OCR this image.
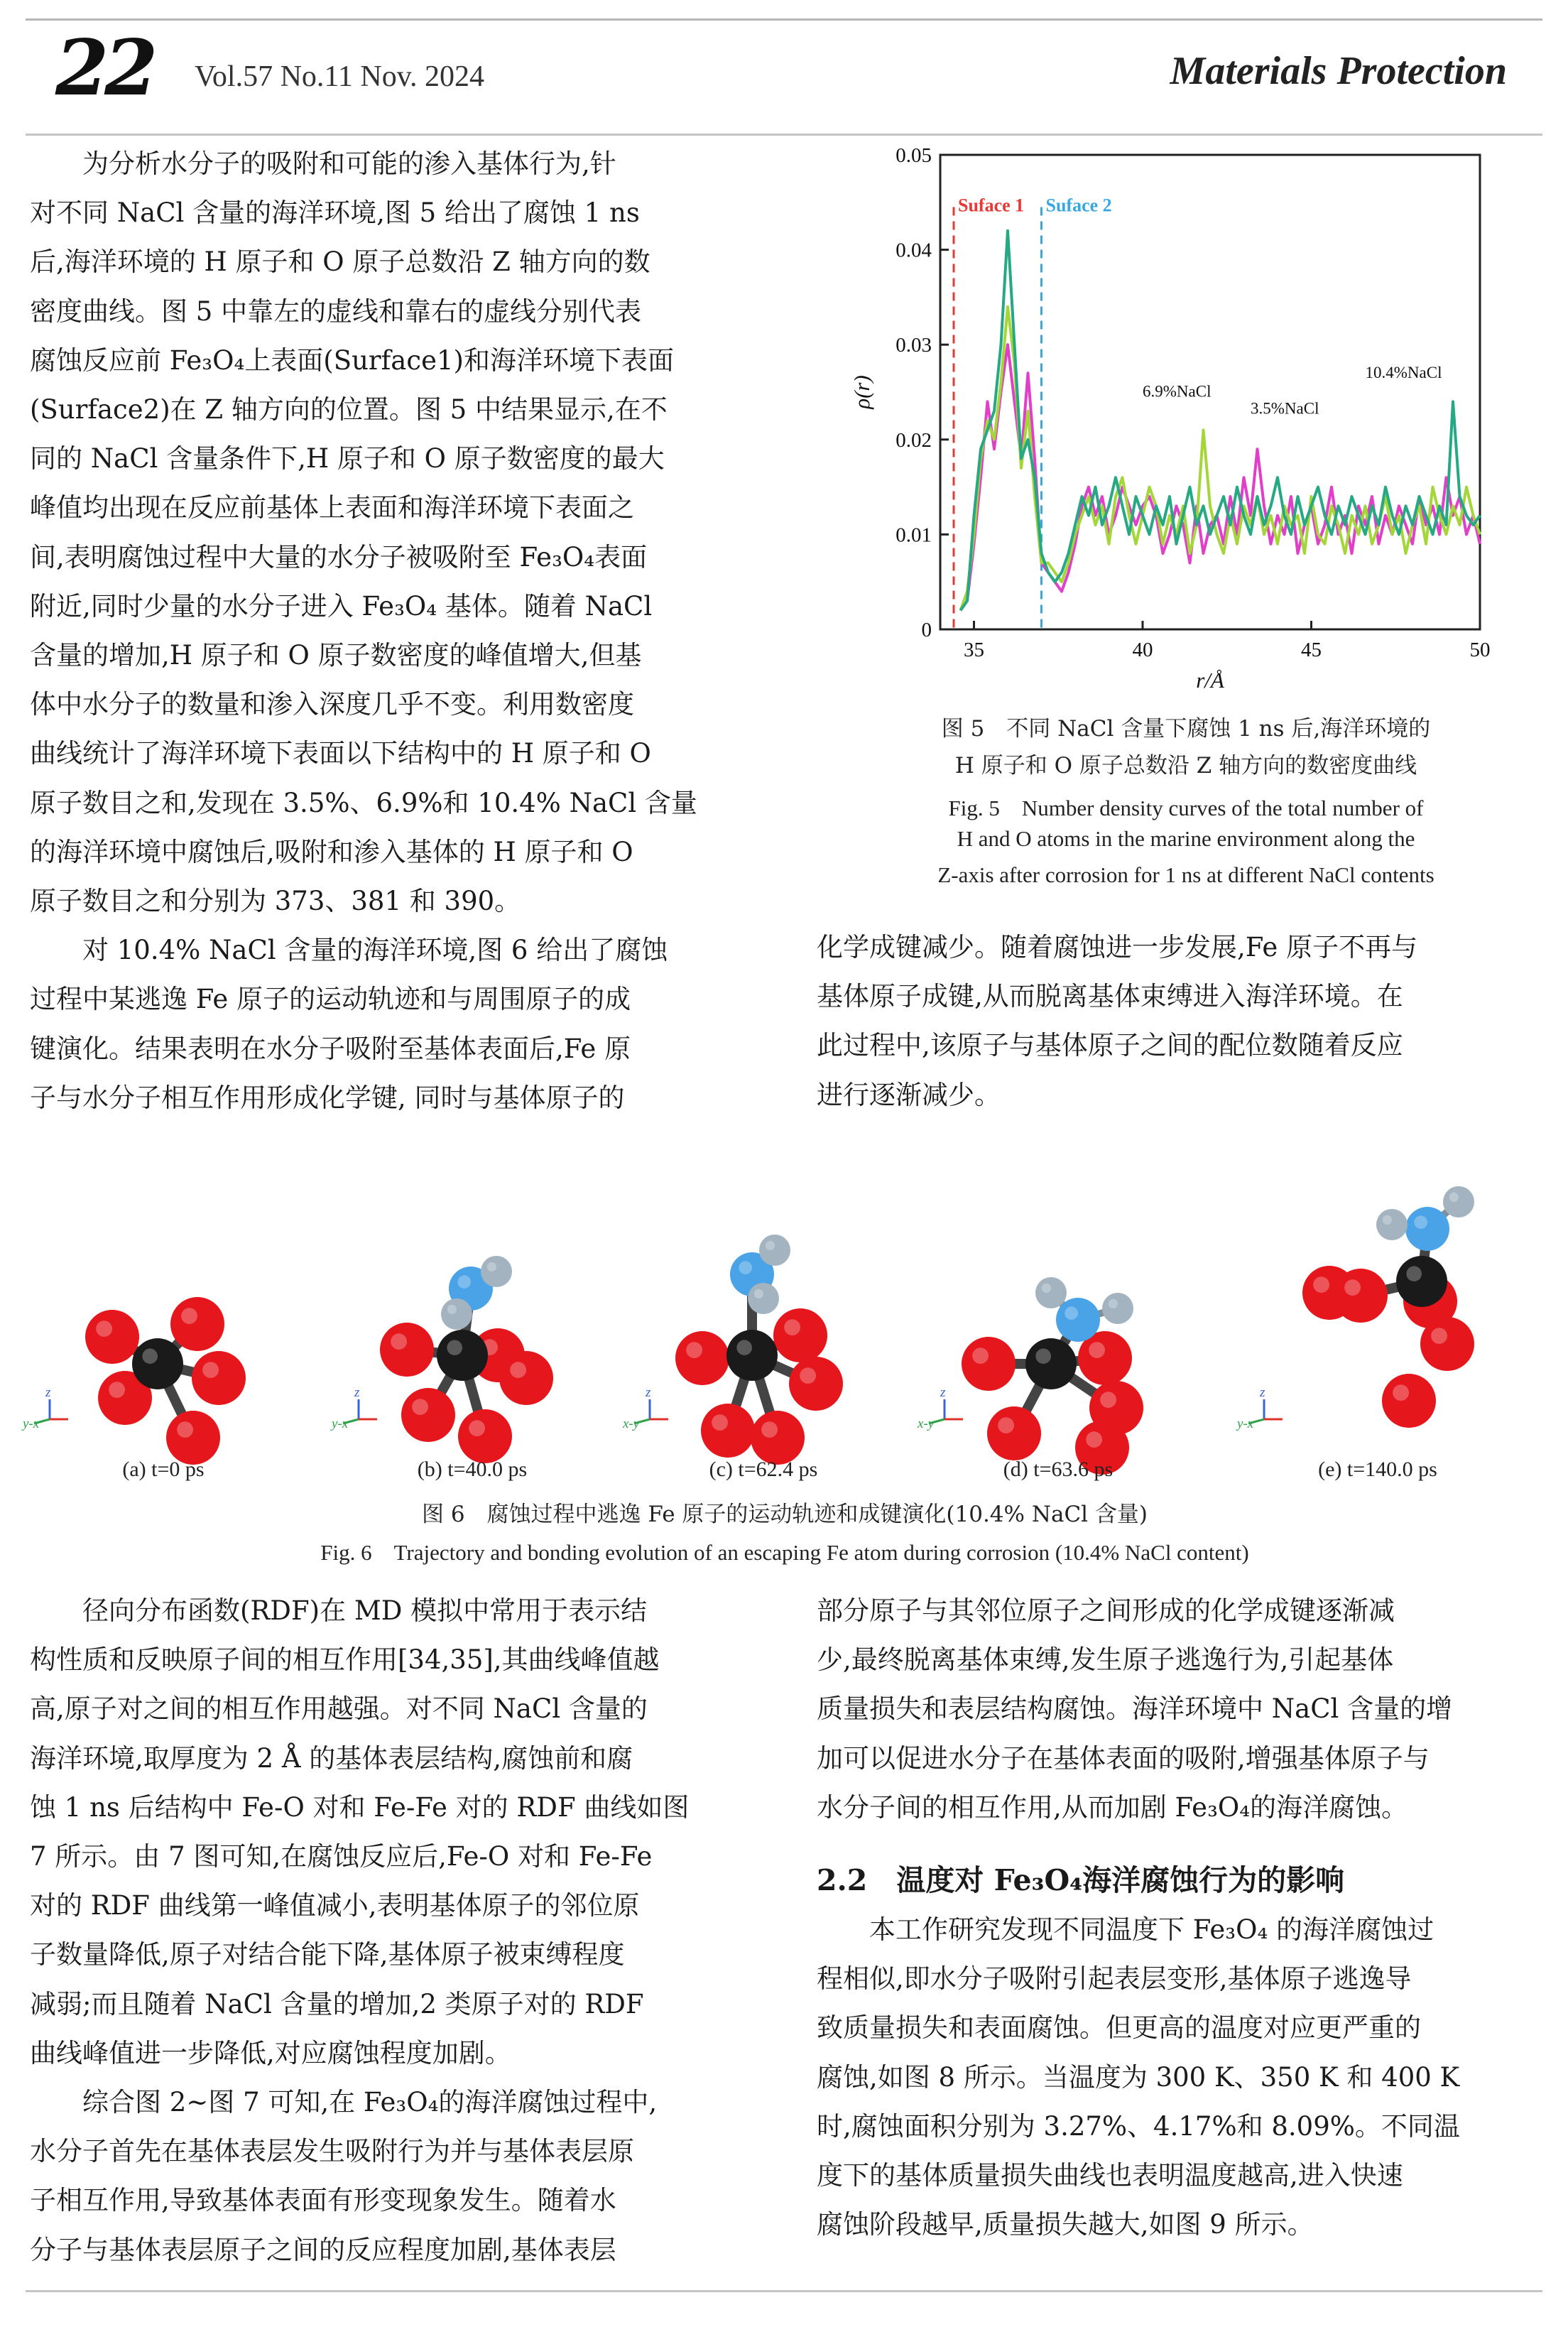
22 Vol.57 No.11 Nov. 2024	Materials Protection

为分析水分子的吸附和可能的渗入基体行为,针

对不同 NaCl 含量的海洋环境,图 5 给出了腐蚀 1 ns

后,海洋环境的 H 原子和 O 原子总数沿 Z 轴方向的数

密度曲线。图 5 中靠左的虚线和靠右的虚线分别代表

腐蚀反应前 Fe₃O₄上表面(Surface1)和海洋环境下表面

(Surface2)在 Z 轴方向的位置。图 5 中结果显示,在不

同的 NaCl 含量条件下,H 原子和 O 原子数密度的最大

峰值均出现在反应前基体上表面和海洋环境下表面之

间,表明腐蚀过程中大量的水分子被吸附至 Fe₃O₄表面

附近,同时少量的水分子进入 Fe₃O₄ 基体。随着 NaCl

含量的增加,H 原子和 O 原子数密度的峰值增大,但基

体中水分子的数量和渗入深度几乎不变。利用数密度

曲线统计了海洋环境下表面以下结构中的 H 原子和 O

原子数目之和,发现在 3.5%、6.9%和 10.4% NaCl 含量

的海洋环境中腐蚀后,吸附和渗入基体的 H 原子和 O

原子数目之和分别为 373、381 和 390。

对 10.4% NaCl 含量的海洋环境,图 6 给出了腐蚀

过程中某逃逸 Fe 原子的运动轨迹和与周围原子的成

键演化。结果表明在水分子吸附至基体表面后,Fe 原

子与水分子相互作用形成化学键, 同时与基体原子的

0
0.01
0.02
0.03
0.04
0.05
35	40	45	50
r/Å
ρ(r)
Suface 1 Suface 2
3.5%NaCl
6.9%NaCl
10.4%NaCl
图 5　不同 NaCl 含量下腐蚀 1 ns 后,海洋环境的
H 原子和 O 原子总数沿 Z 轴方向的数密度曲线
Fig. 5　Number density curves of the total number of
H and O atoms in the marine environment along the
Z-axis after corrosion for 1 ns at different NaCl contents

化学成键减少。随着腐蚀进一步发展,Fe 原子不再与

基体原子成键,从而脱离基体束缚进入海洋环境。在

此过程中,该原子与基体原子之间的配位数随着反应

进行逐渐减少。

z
y-x
(a) t=0 ps
z
y-x
(b) t=40.0 ps
z
x-y
(c) t=62.4 ps
z
x-y
(d) t=63.6 ps
z
y-x
(e) t=140.0 ps
图 6　腐蚀过程中逃逸 Fe 原子的运动轨迹和成键演化(10.4% NaCl 含量)
Fig. 6　Trajectory and bonding evolution of an escaping Fe atom during corrosion (10.4% NaCl content)

径向分布函数(RDF)在 MD 模拟中常用于表示结

构性质和反映原子间的相互作用[34,35],其曲线峰值越

高,原子对之间的相互作用越强。对不同 NaCl 含量的

海洋环境,取厚度为 2 Å 的基体表层结构,腐蚀前和腐

蚀 1 ns 后结构中 Fe-O 对和 Fe-Fe 对的 RDF 曲线如图

7 所示。由 7 图可知,在腐蚀反应后,Fe-O 对和 Fe-Fe

对的 RDF 曲线第一峰值减小,表明基体原子的邻位原

子数量降低,原子对结合能下降,基体原子被束缚程度

减弱;而且随着 NaCl 含量的增加,2 类原子对的 RDF

曲线峰值进一步降低,对应腐蚀程度加剧。

综合图 2~图 7 可知,在 Fe₃O₄的海洋腐蚀过程中,

水分子首先在基体表层发生吸附行为并与基体表层原

子相互作用,导致基体表面有形变现象发生。随着水

分子与基体表层原子之间的反应程度加剧,基体表层

部分原子与其邻位原子之间形成的化学成键逐渐减

少,最终脱离基体束缚,发生原子逃逸行为,引起基体

质量损失和表层结构腐蚀。海洋环境中 NaCl 含量的增

加可以促进水分子在基体表面的吸附,增强基体原子与

水分子间的相互作用,从而加剧 Fe₃O₄的海洋腐蚀。

2.2　温度对 Fe₃O₄海洋腐蚀行为的影响

本工作研究发现不同温度下 Fe₃O₄ 的海洋腐蚀过

程相似,即水分子吸附引起表层变形,基体原子逃逸导

致质量损失和表面腐蚀。但更高的温度对应更严重的

腐蚀,如图 8 所示。当温度为 300 K、350 K 和 400 K

时,腐蚀面积分别为 3.27%、4.17%和 8.09%。不同温

度下的基体质量损失曲线也表明温度越高,进入快速

腐蚀阶段越早,质量损失越大,如图 9 所示。
